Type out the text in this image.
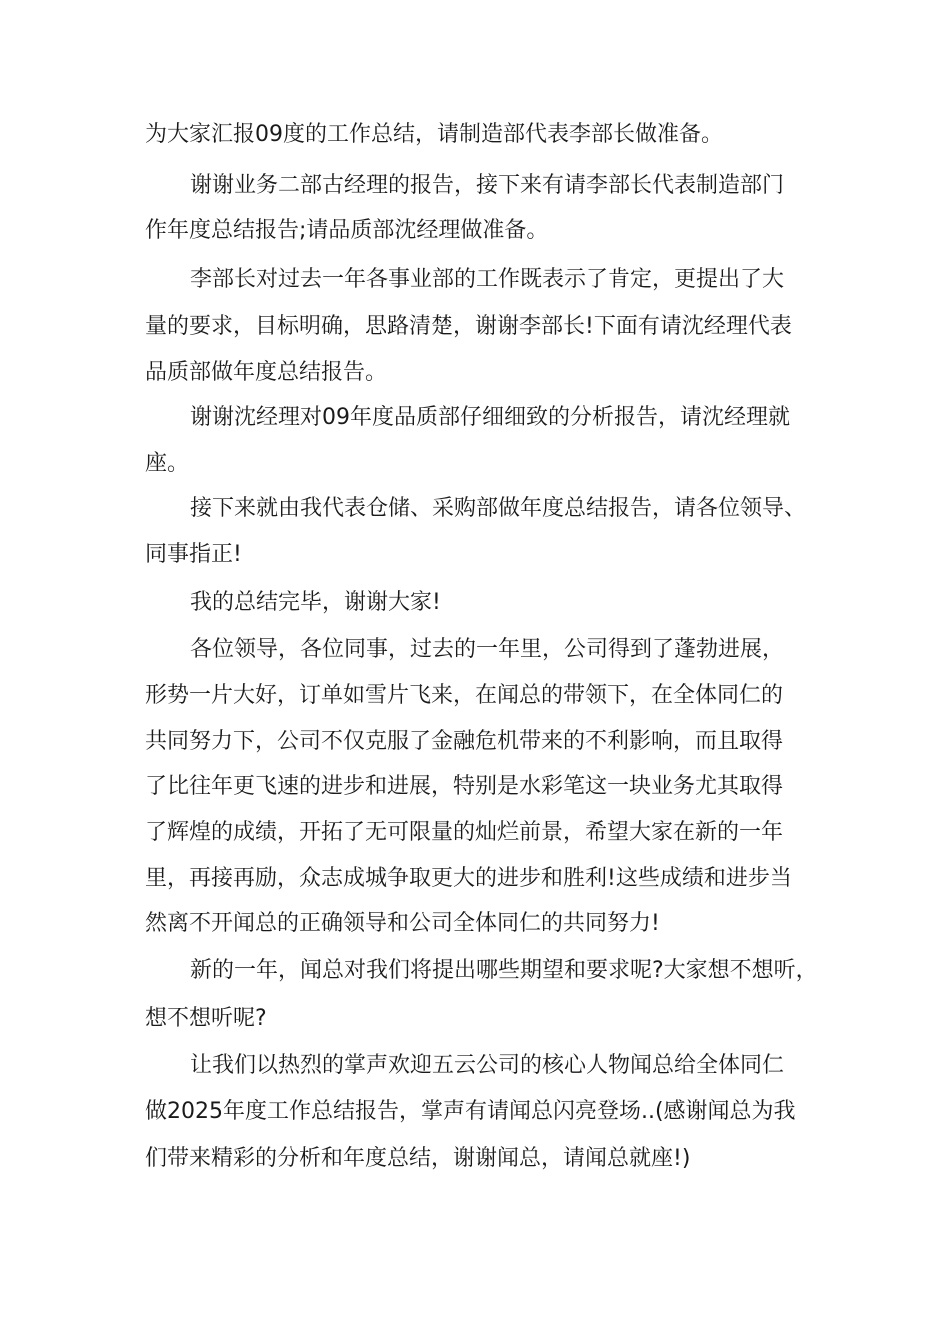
为大家汇报09度的工作总结，请制造部代表李部长做准备。

谢谢业务二部古经理的报告，接下来有请李部长代表制造部门

作年度总结报告;请品质部沈经理做准备。

李部长对过去一年各事业部的工作既表示了肯定，更提出了大

量的要求，目标明确，思路清楚，谢谢李部长!下面有请沈经理代表

品质部做年度总结报告。

谢谢沈经理对09年度品质部仔细细致的分析报告，请沈经理就

座。

接下来就由我代表仓储、采购部做年度总结报告，请各位领导、

同事指正!

我的总结完毕，谢谢大家!

各位领导，各位同事，过去的一年里，公司得到了蓬勃进展，

形势一片大好，订单如雪片飞来，在闻总的带领下，在全体同仁的

共同努力下，公司不仅克服了金融危机带来的不利影响，而且取得

了比往年更飞速的进步和进展，特别是水彩笔这一块业务尤其取得

了辉煌的成绩，开拓了无可限量的灿烂前景，希望大家在新的一年

里，再接再励，众志成城争取更大的进步和胜利!这些成绩和进步当

然离不开闻总的正确领导和公司全体同仁的共同努力!

新的一年，闻总对我们将提出哪些期望和要求呢?大家想不想听，

想不想听呢?

让我们以热烈的掌声欢迎五云公司的核心人物闻总给全体同仁

做2025年度工作总结报告，掌声有请闻总闪亮登场..(感谢闻总为我

们带来精彩的分析和年度总结，谢谢闻总，请闻总就座!)
